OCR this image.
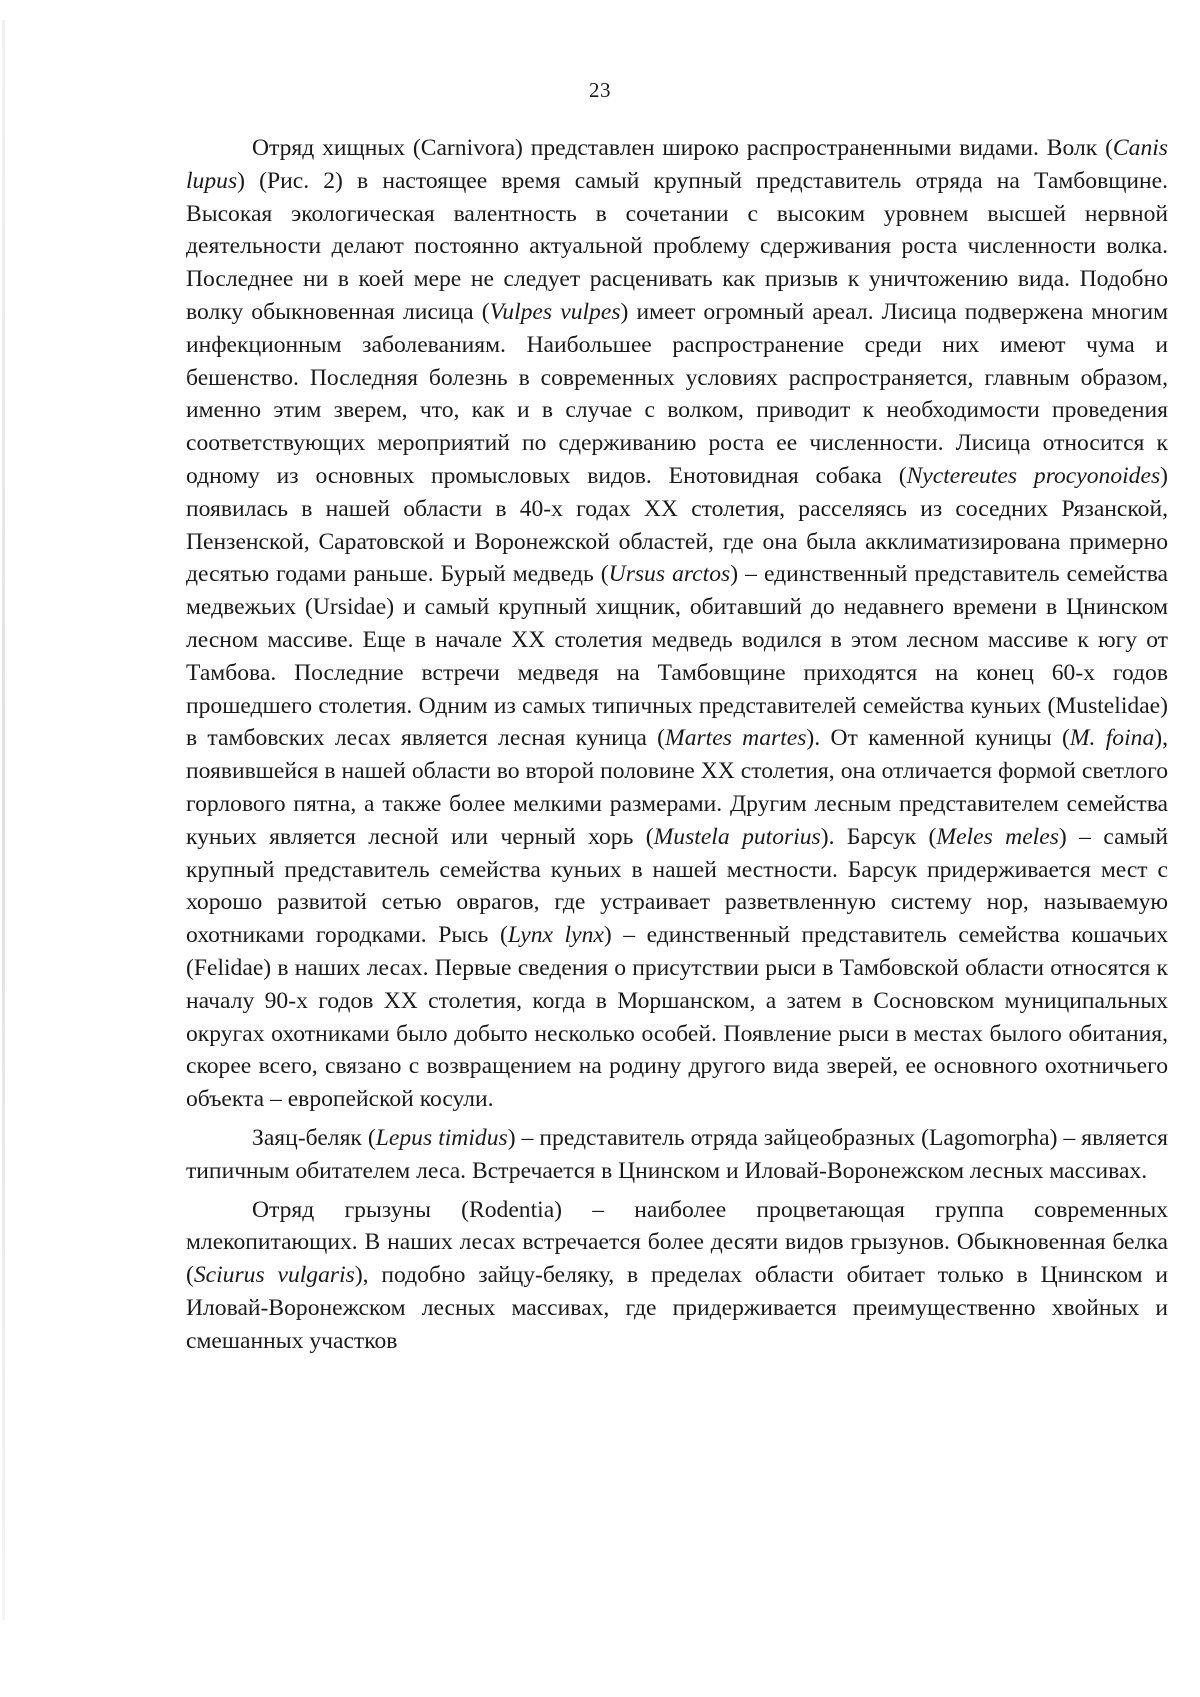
23

Отряд хищных (Carnivora) представлен широко распространенными видами. Волк (Canis lupus) (Рис. 2) в настоящее время самый крупный представитель отряда на Тамбовщине. Высокая экологическая валентность в сочетании с высоким уровнем высшей нервной деятельности делают постоянно актуальной проблему сдерживания роста численности волка. Последнее ни в коей мере не следует расценивать как призыв к уничтожению вида. Подобно волку обыкновенная лисица (Vulpes vulpes) имеет огромный ареал. Лисица подвержена многим инфекционным заболеваниям. Наибольшее распространение среди них имеют чума и бешенство. Последняя болезнь в современных условиях распространяется, главным образом, именно этим зверем, что, как и в случае с волком, приводит к необходимости проведения соответствующих мероприятий по сдерживанию роста ее численности. Лисица относится к одному из основных промысловых видов. Енотовидная собака (Nyctereutes procyonoides) появилась в нашей области в 40-х годах XX столетия, расселяясь из соседних Рязанской, Пензенской, Саратовской и Воронежской областей, где она была акклиматизирована примерно десятью годами раньше. Бурый медведь (Ursus arctos) – единственный представитель семейства медвежьих (Ursidae) и самый крупный хищник, обитавший до недавнего времени в Цнинском лесном массиве. Еще в начале XX столетия медведь водился в этом лесном массиве к югу от Тамбова. Последние встречи медведя на Тамбовщине приходятся на конец 60-х годов прошедшего столетия. Одним из самых типичных представителей семейства куньих (Mustelidae) в тамбовских лесах является лесная куница (Martes martes). От каменной куницы (M. foina), появившейся в нашей области во второй половине XX столетия, она отличается формой светлого горлового пятна, а также более мелкими размерами. Другим лесным представителем семейства куньих является лесной или черный хорь (Mustela putorius). Барсук (Meles meles) – самый крупный представитель семейства куньих в нашей местности. Барсук придерживается мест с хорошо развитой сетью оврагов, где устраивает разветвленную систему нор, называемую охотниками городками. Рысь (Lynx lynx) – единственный представитель семейства кошачьих (Felidae) в наших лесах. Первые сведения о присутствии рыси в Тамбовской области относятся к началу 90-х годов XX столетия, когда в Моршанском, а затем в Сосновском муниципальных округах охотниками было добыто несколько особей. Появление рыси в местах былого обитания, скорее всего, связано с возвращением на родину другого вида зверей, ее основного охотничьего объекта – европейской косули.

Заяц-беляк (Lepus timidus) – представитель отряда зайцеобразных (Lagomorpha) – является типичным обитателем леса. Встречается в Цнинском и Иловай-Воронежском лесных массивах.

Отряд грызуны (Rodentia) – наиболее процветающая группа современных млекопитающих. В наших лесах встречается более десяти видов грызунов. Обыкновенная белка (Sciurus vulgaris), подобно зайцу-беляку, в пределах области обитает только в Цнинском и Иловай-Воронежском лесных массивах, где придерживается преимущественно хвойных и смешанных участков
